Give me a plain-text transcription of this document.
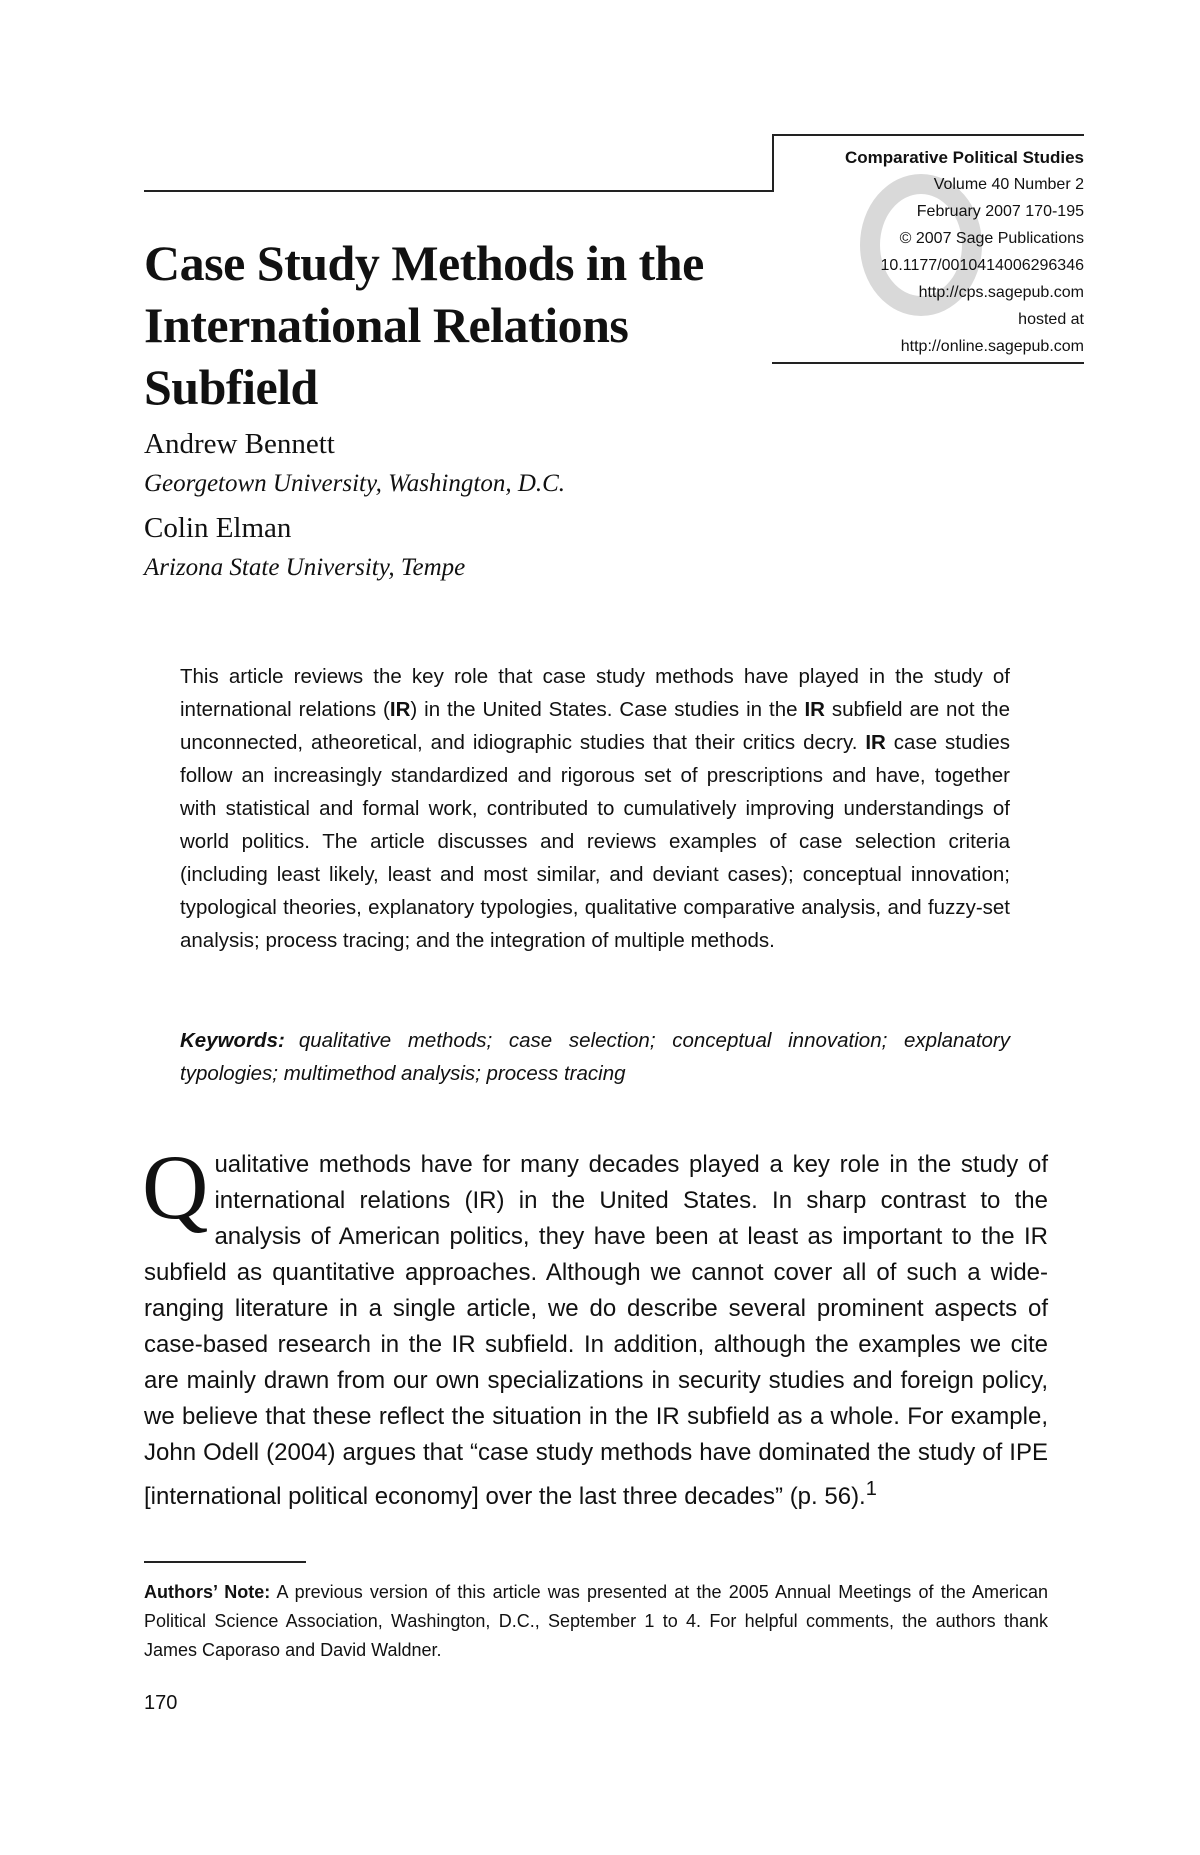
Comparative Political Studies
Volume 40 Number 2
February 2007 170-195
© 2007 Sage Publications
10.1177/0010414006296346
http://cps.sagepub.com
hosted at
http://online.sagepub.com
Case Study Methods in the International Relations Subfield
Andrew Bennett
Georgetown University, Washington, D.C.
Colin Elman
Arizona State University, Tempe

This article reviews the key role that case study methods have played in the study of international relations (IR) in the United States. Case studies in the IR subfield are not the unconnected, atheoretical, and idiographic studies that their critics decry. IR case studies follow an increasingly standardized and rigorous set of prescriptions and have, together with statistical and formal work, contributed to cumulatively improving understandings of world politics. The article discusses and reviews examples of case selection criteria (including least likely, least and most similar, and deviant cases); conceptual innovation; typological theories, explanatory typologies, qualitative comparative analysis, and fuzzy-set analysis; process tracing; and the integration of multiple methods.

Keywords: qualitative methods; case selection; conceptual innovation; explanatory typologies; multimethod analysis; process tracing

Qualitative methods have for many decades played a key role in the study of international relations (IR) in the United States. In sharp contrast to the analysis of American politics, they have been at least as important to the IR subfield as quantitative approaches. Although we cannot cover all of such a wide-ranging literature in a single article, we do describe several prominent aspects of case-based research in the IR subfield. In addition, although the examples we cite are mainly drawn from our own specializations in security studies and foreign policy, we believe that these reflect the situation in the IR subfield as a whole. For example, John Odell (2004) argues that “case study methods have dominated the study of IPE [international political economy] over the last three decades” (p. 56).$^1$

Authors’ Note: A previous version of this article was presented at the 2005 Annual Meetings of the American Political Science Association, Washington, D.C., September 1 to 4. For helpful comments, the authors thank James Caporaso and David Waldner.

170
